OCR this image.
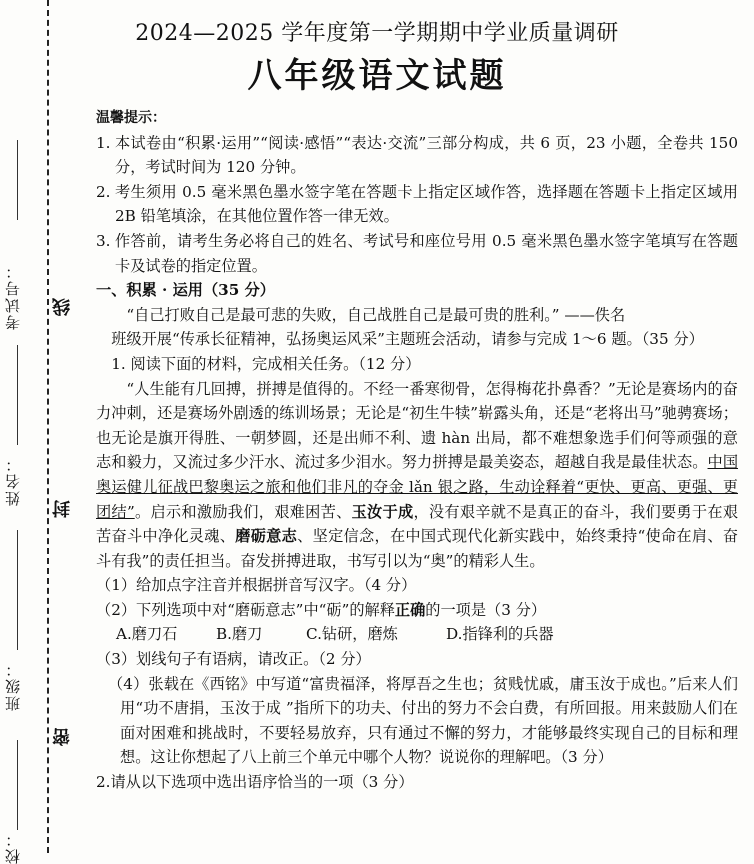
考试号：
姓名：
班级：
校：
线
封
密
2024—2025 学年度第一学期期中学业质量调研
八年级语文试题

温馨提示：

1. 本试卷由“积累·运用”“阅读·感悟”“表达·交流”三部分构成，共 6 页，23 小题，全卷共 150 分，考试时间为 120 分钟。
2. 考生须用 0.5 毫米黑色墨水签字笔在答题卡上指定区域作答，选择题在答题卡上指定区域用 2B 铅笔填涂，在其他位置作答一律无效。
3. 作答前，请考生务必将自己的姓名、考试号和座位号用 0.5 毫米黑色墨水签字笔填写在答题卡及试卷的指定位置。

一、积累 · 运用（35 分）

“自己打败自己是最可悲的失败，自己战胜自己是最可贵的胜利。” ——佚名

班级开展“传承长征精神，弘扬奥运风采”主题班会活动，请参与完成 1～6 题。（35 分）

1. 阅读下面的材料，完成相关任务。（12 分）

“人生能有几回搏，拼搏是值得的。不经一番寒彻骨，怎得梅花扑鼻香？”无论是赛场内的奋力冲刺，还是赛场外剧透的练训场景；无论是“初生牛犊”崭露头角，还是“老将出马”驰骋赛场；也无论是旗开得胜、一朝梦圆，还是出师不利、遗 hàn 出局，都不难想象选手们何等顽强的意志和毅力，又流过多少汗水、流过多少泪水。努力拼搏是最美姿态，超越自我是最佳状态。中国奥运健儿征战巴黎奥运之旅和他们非凡的夺金 lǎn 银之路，生动诠释着“更快、更高、更强、更团结”。启示和激励我们，艰难困苦、玉汝于成，没有艰辛就不是真正的奋斗，我们要勇于在艰苦奋斗中净化灵魂、磨砺意志、坚定信念，在中国式现代化新实践中，始终秉持“使命在肩、奋斗有我”的责任担当。奋发拼搏进取，书写引以为“奥”的精彩人生。

（1）给加点字注音并根据拼音写汉字。（4 分）

（2）下列选项中对“磨砺意志”中“砺”的解释正确的一项是（3 分）

A.磨刀石	B.磨刀	C.钻研，磨炼	D.指锋利的兵器

（3）划线句子有语病，请改正。（2 分）

（4）张载在《西铭》中写道“富贵福泽，将厚吾之生也；贫贱忧戚，庸玉汝于成也。”后来人们用“功不唐捐，玉汝于成 ”指所下的功夫、付出的努力不会白费，有所回报。用来鼓励人们在面对困难和挑战时，不要轻易放弃，只有通过不懈的努力，才能够最终实现自己的目标和理想。这让你想起了八上前三个单元中哪个人物？说说你的理解吧。（3 分）

2.请从以下选项中选出语序恰当的一项（3 分）
